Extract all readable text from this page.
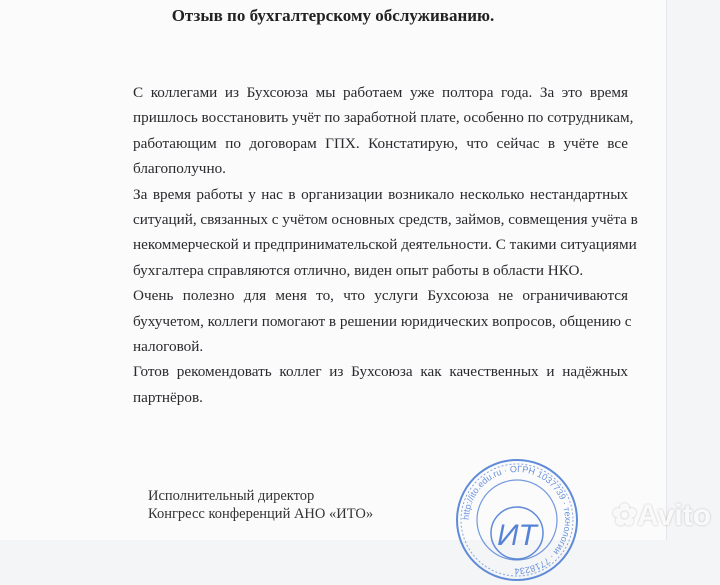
Отзыв по бухгалтерскому обслуживанию.
С коллегами из Бухсоюза мы работаем уже полтора года. За это время
пришлось восстановить учёт по заработной плате, особенно по сотрудникам,
работающим по договорам ГПХ. Констатирую, что сейчас в учёте все
благополучно.
За время работы у нас в организации возникало несколько нестандартных
ситуаций, связанных с учётом основных средств, займов, совмещения учёта в
некоммерческой и предпринимательской деятельности. С такими ситуациями
бухгалтера справляются отлично, виден опыт работы в области НКО.
Очень полезно для меня то, что услуги Бухсоюза не ограничиваются
бухучетом, коллеги помогают в решении юридических вопросов, общению с
налоговой.
Готов рекомендовать коллег из Бухсоюза как качественных и надёжных
партнёров.
Исполнительный директор
Конгресс конференций АНО «ИТО»	http://ito.edu.ru · ОГРН 1037739 · технологии · 7718234
ИТ
✿Avito
